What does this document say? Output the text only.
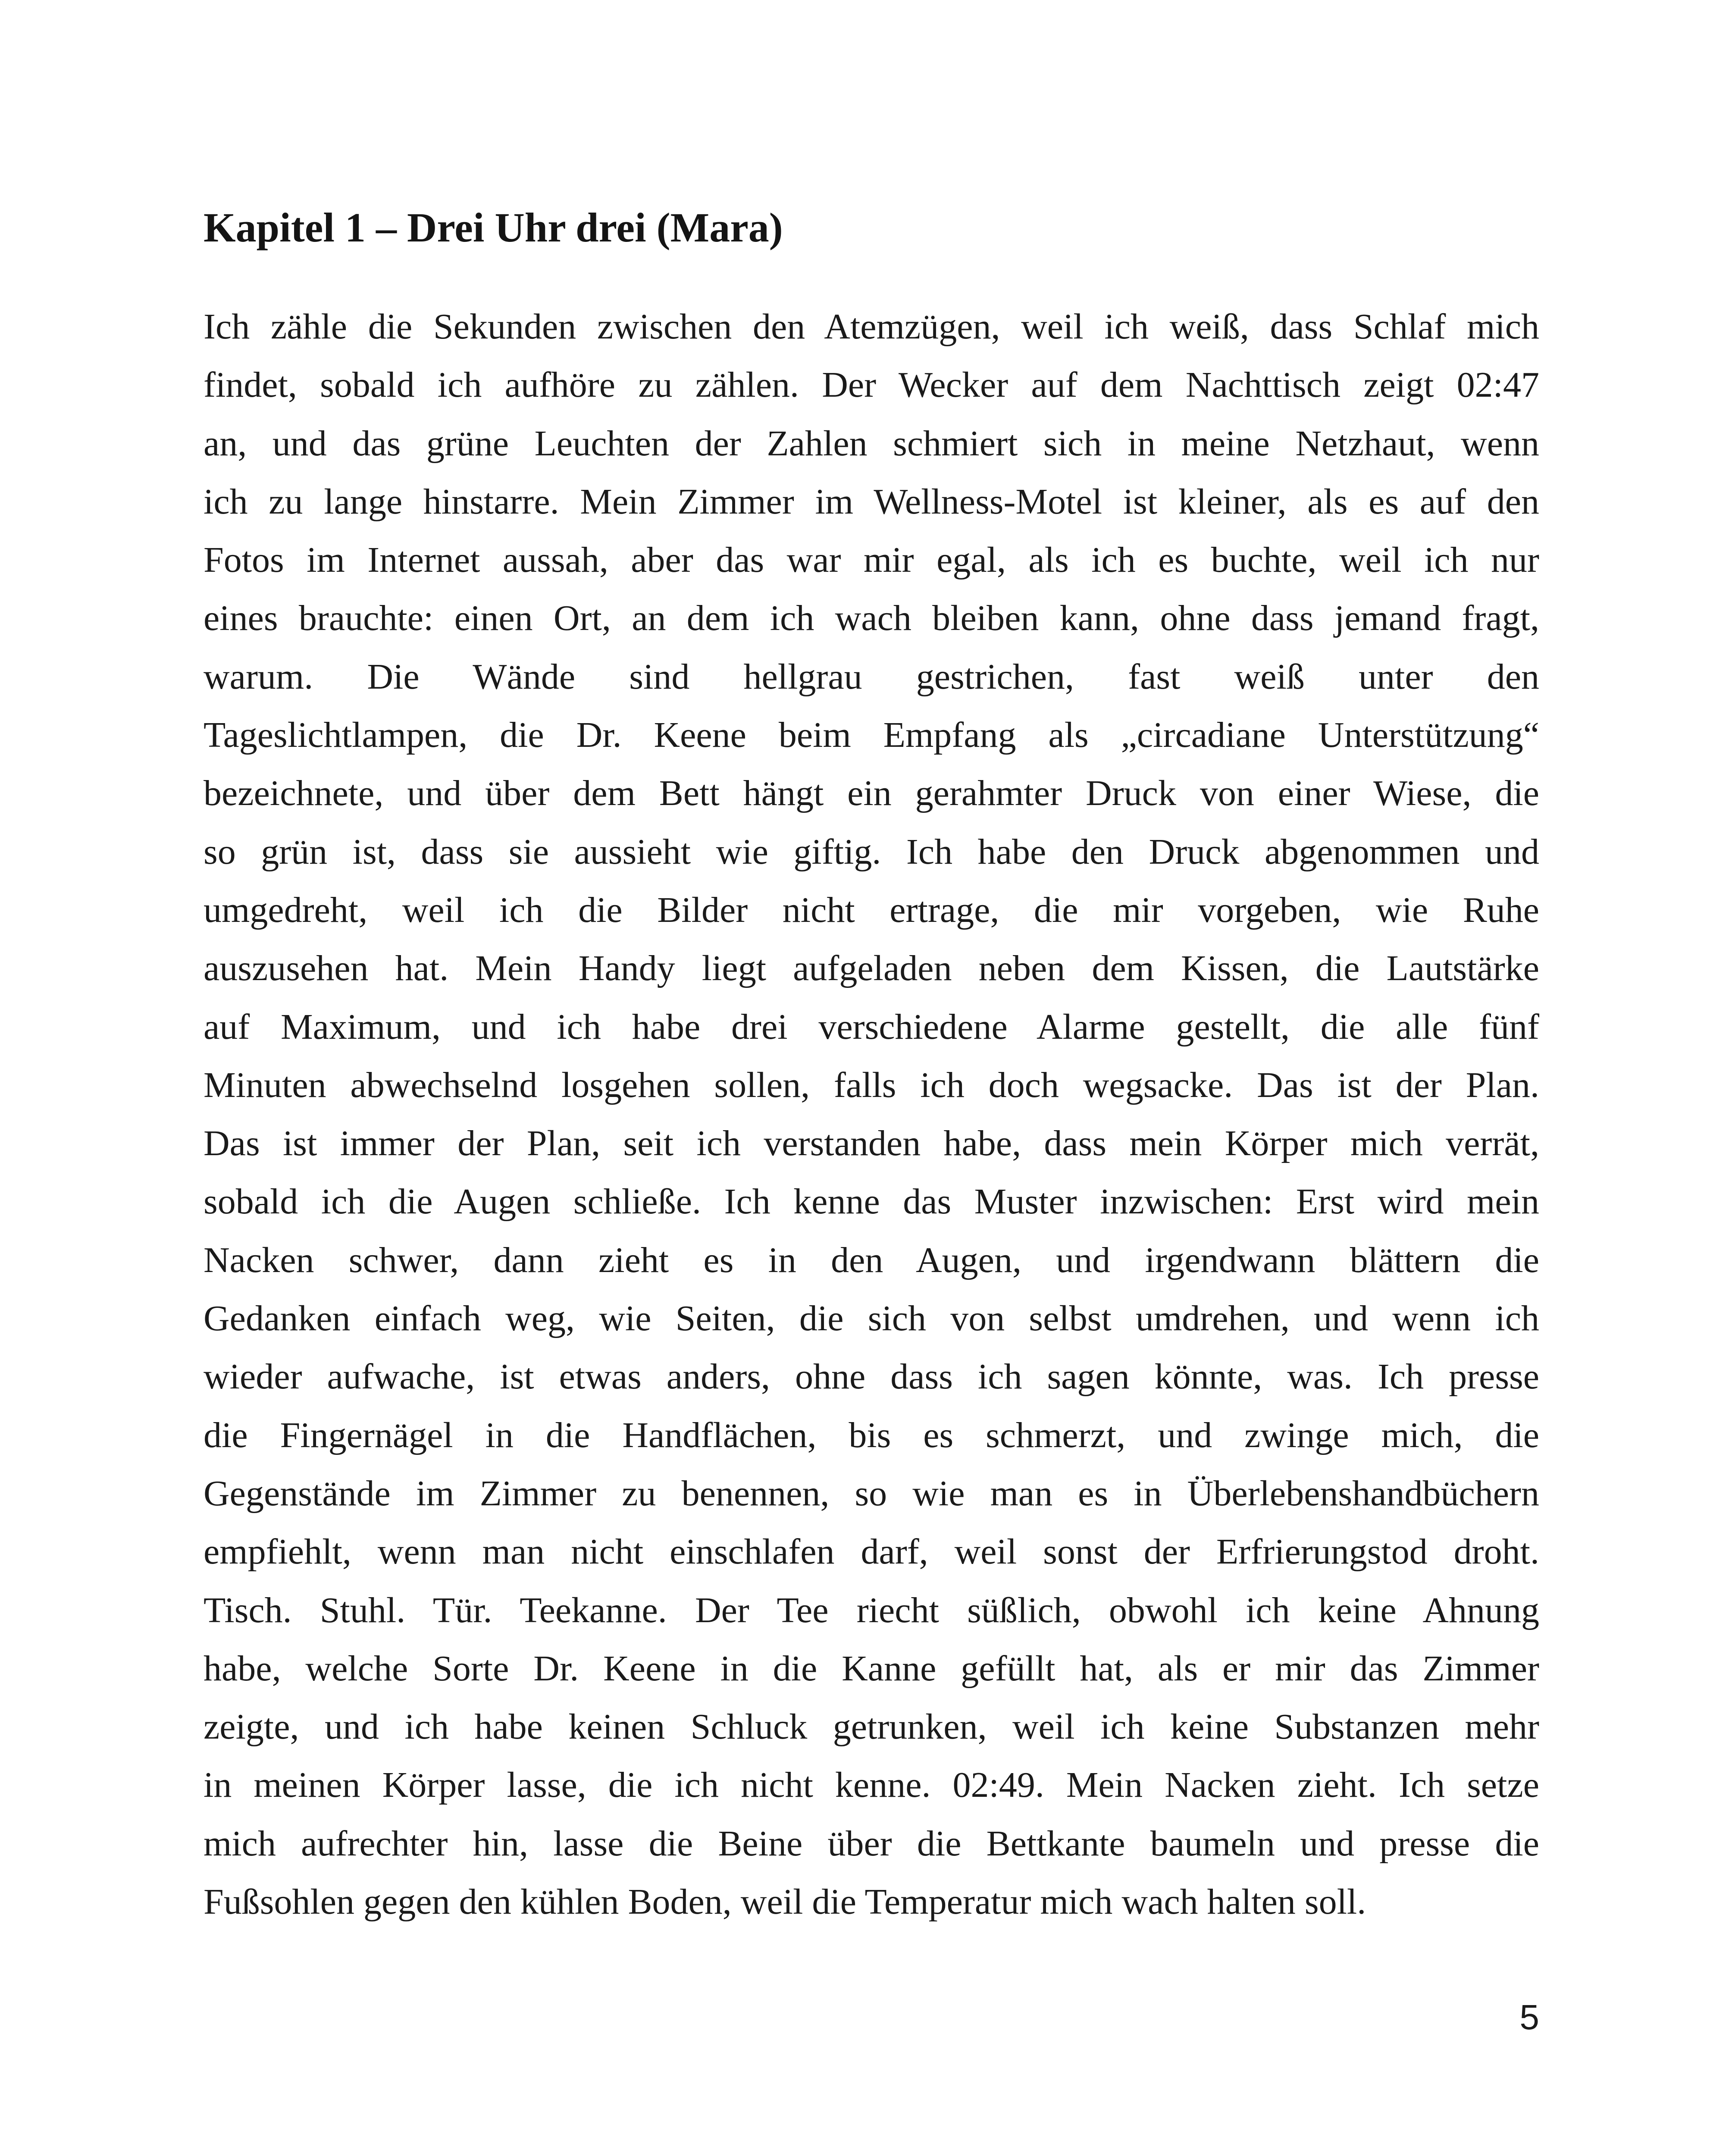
Kapitel 1 – Drei Uhr drei (Mara)
Ich zähle die Sekunden zwischen den Atemzügen, weil ich weiß, dass Schlaf mich
findet, sobald ich aufhöre zu zählen. Der Wecker auf dem Nachttisch zeigt 02:47
an, und das grüne Leuchten der Zahlen schmiert sich in meine Netzhaut, wenn
ich zu lange hinstarre. Mein Zimmer im Wellness-Motel ist kleiner, als es auf den
Fotos im Internet aussah, aber das war mir egal, als ich es buchte, weil ich nur
eines brauchte: einen Ort, an dem ich wach bleiben kann, ohne dass jemand fragt,
warum. Die Wände sind hellgrau gestrichen, fast weiß unter den
Tageslichtlampen, die Dr. Keene beim Empfang als „circadiane Unterstützung“
bezeichnete, und über dem Bett hängt ein gerahmter Druck von einer Wiese, die
so grün ist, dass sie aussieht wie giftig. Ich habe den Druck abgenommen und
umgedreht, weil ich die Bilder nicht ertrage, die mir vorgeben, wie Ruhe
auszusehen hat. Mein Handy liegt aufgeladen neben dem Kissen, die Lautstärke
auf Maximum, und ich habe drei verschiedene Alarme gestellt, die alle fünf
Minuten abwechselnd losgehen sollen, falls ich doch wegsacke. Das ist der Plan.
Das ist immer der Plan, seit ich verstanden habe, dass mein Körper mich verrät,
sobald ich die Augen schließe. Ich kenne das Muster inzwischen: Erst wird mein
Nacken schwer, dann zieht es in den Augen, und irgendwann blättern die
Gedanken einfach weg, wie Seiten, die sich von selbst umdrehen, und wenn ich
wieder aufwache, ist etwas anders, ohne dass ich sagen könnte, was. Ich presse
die Fingernägel in die Handflächen, bis es schmerzt, und zwinge mich, die
Gegenstände im Zimmer zu benennen, so wie man es in Überlebenshandbüchern
empfiehlt, wenn man nicht einschlafen darf, weil sonst der Erfrierungstod droht.
Tisch. Stuhl. Tür. Teekanne. Der Tee riecht süßlich, obwohl ich keine Ahnung
habe, welche Sorte Dr. Keene in die Kanne gefüllt hat, als er mir das Zimmer
zeigte, und ich habe keinen Schluck getrunken, weil ich keine Substanzen mehr
in meinen Körper lasse, die ich nicht kenne. 02:49. Mein Nacken zieht. Ich setze
mich aufrechter hin, lasse die Beine über die Bettkante baumeln und presse die
Fußsohlen gegen den kühlen Boden, weil die Temperatur mich wach halten soll.
5
